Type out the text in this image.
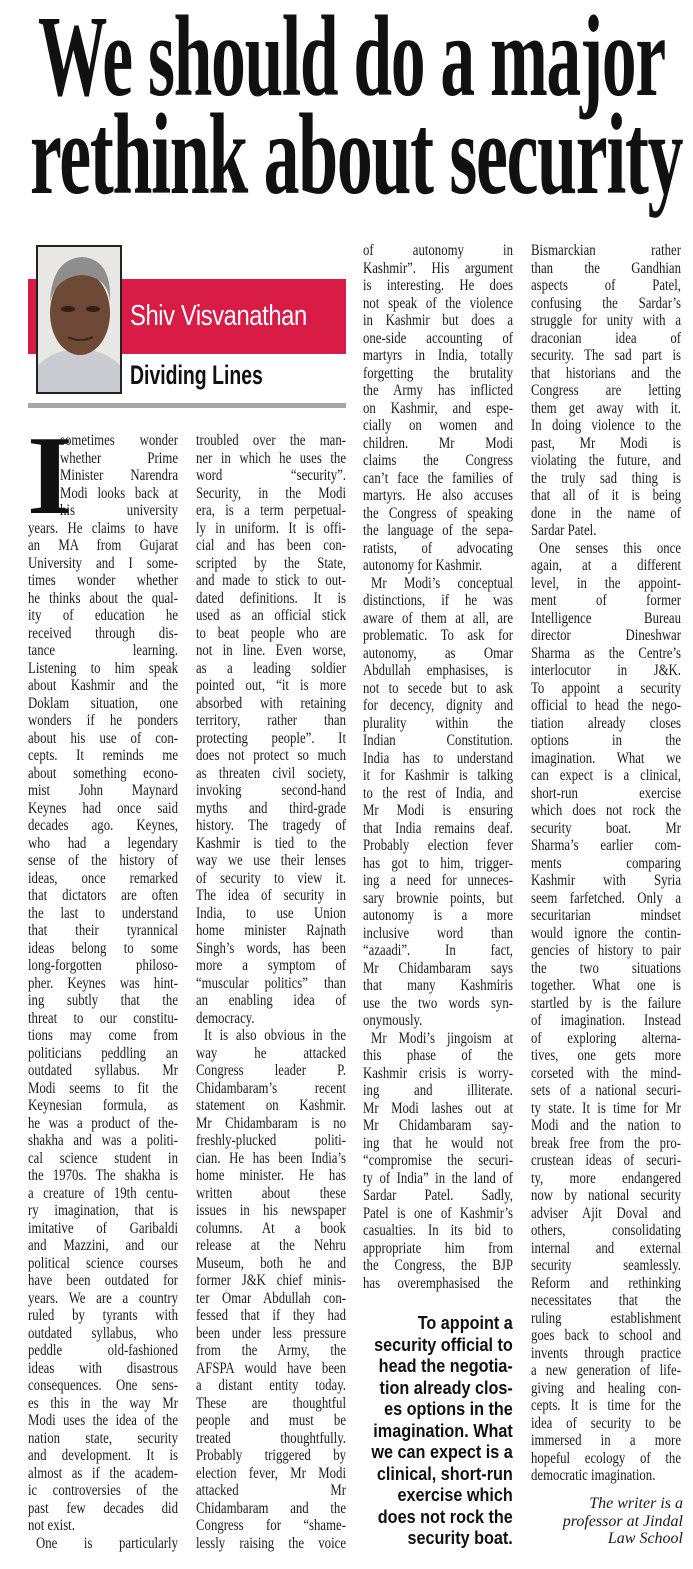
We should do a major
rethink about security
Shiv Visvanathan
Dividing Lines
I
sometimes wonder
whether Prime
Minister Narendra
Modi looks back at
his university
years. He claims to have
an MA from Gujarat
University and I some-
times wonder whether
he thinks about the qual-
ity of education he
received through dis-
tance learning.
Listening to him speak
about Kashmir and the
Doklam situation, one
wonders if he ponders
about his use of con-
cepts. It reminds me
about something econo-
mist John Maynard
Keynes had once said
decades ago. Keynes,
who had a legendary
sense of the history of
ideas, once remarked
that dictators are often
the last to understand
that their tyrannical
ideas belong to some
long-forgotten philoso-
pher. Keynes was hint-
ing subtly that the
threat to our constitu-
tions may come from
politicians peddling an
outdated syllabus. Mr
Modi seems to fit the
Keynesian formula, as
he was a product of the-
shakha and was a politi-
cal science student in
the 1970s. The shakha is
a creature of 19th centu-
ry imagination, that is
imitative of Garibaldi
and Mazzini, and our
political science courses
have been outdated for
years. We are a country
ruled by tyrants with
outdated syllabus, who
peddle old-fashioned
ideas with disastrous
consequences. One sens-
es this in the way Mr
Modi uses the idea of the
nation state, security
and development. It is
almost as if the academ-
ic controversies of the
past few decades did
not exist.
One is particularly
troubled over the man-
ner in which he uses the
word “security”.
Security, in the Modi
era, is a term perpetual-
ly in uniform. It is offi-
cial and has been con-
scripted by the State,
and made to stick to out-
dated definitions. It is
used as an official stick
to beat people who are
not in line. Even worse,
as a leading soldier
pointed out, “it is more
absorbed with retaining
territory, rather than
protecting people”. It
does not protect so much
as threaten civil society,
invoking second-hand
myths and third-grade
history. The tragedy of
Kashmir is tied to the
way we use their lenses
of security to view it.
The idea of security in
India, to use Union
home minister Rajnath
Singh’s words, has been
more a symptom of
“muscular politics” than
an enabling idea of
democracy.
It is also obvious in the
way he attacked
Congress leader P.
Chidambaram’s recent
statement on Kashmir.
Mr Chidambaram is no
freshly-plucked politi-
cian. He has been India’s
home minister. He has
written about these
issues in his newspaper
columns. At a book
release at the Nehru
Museum, both he and
former J&K chief minis-
ter Omar Abdullah con-
fessed that if they had
been under less pressure
from the Army, the
AFSPA would have been
a distant entity today.
These are thoughtful
people and must be
treated thoughtfully.
Probably triggered by
election fever, Mr Modi
attacked Mr
Chidambaram and the
Congress for “shame-
lessly raising the voice
of autonomy in
Kashmir”. His argument
is interesting. He does
not speak of the violence
in Kashmir but does a
one-side accounting of
martyrs in India, totally
forgetting the brutality
the Army has inflicted
on Kashmir, and espe-
cially on women and
children. Mr Modi
claims the Congress
can’t face the families of
martyrs. He also accuses
the Congress of speaking
the language of the sepa-
ratists, of advocating
autonomy for Kashmir.
Mr Modi’s conceptual
distinctions, if he was
aware of them at all, are
problematic. To ask for
autonomy, as Omar
Abdullah emphasises, is
not to secede but to ask
for decency, dignity and
plurality within the
Indian Constitution.
India has to understand
it for Kashmir is talking
to the rest of India, and
Mr Modi is ensuring
that India remains deaf.
Probably election fever
has got to him, trigger-
ing a need for unneces-
sary brownie points, but
autonomy is a more
inclusive word than
“azaadi”. In fact,
Mr Chidambaram says
that many Kashmiris
use the two words syn-
onymously.
Mr Modi’s jingoism at
this phase of the
Kashmir crisis is worry-
ing and illiterate.
Mr Modi lashes out at
Mr Chidambaram say-
ing that he would not
“compromise the securi-
ty of India” in the land of
Sardar Patel. Sadly,
Patel is one of Kashmir’s
casualties. In its bid to
appropriate him from
the Congress, the BJP
has overemphasised the
Bismarckian rather
than the Gandhian
aspects of Patel,
confusing the Sardar’s
struggle for unity with a
draconian idea of
security. The sad part is
that historians and the
Congress are letting
them get away with it.
In doing violence to the
past, Mr Modi is
violating the future, and
the truly sad thing is
that all of it is being
done in the name of
Sardar Patel.
One senses this once
again, at a different
level, in the appoint-
ment of former
Intelligence Bureau
director Dineshwar
Sharma as the Centre’s
interlocutor in J&K.
To appoint a security
official to head the nego-
tiation already closes
options in the
imagination. What we
can expect is a clinical,
short-run exercise
which does not rock the
security boat. Mr
Sharma’s earlier com-
ments comparing
Kashmir with Syria
seem farfetched. Only a
securitarian mindset
would ignore the contin-
gencies of history to pair
the two situations
together. What one is
startled by is the failure
of imagination. Instead
of exploring alterna-
tives, one gets more
corseted with the mind-
sets of a national securi-
ty state. It is time for Mr
Modi and the nation to
break free from the pro-
crustean ideas of securi-
ty, more endangered
now by national security
adviser Ajit Doval and
others, consolidating
internal and external
security seamlessly.
Reform and rethinking
necessitates that the
ruling establishment
goes back to school and
invents through practice
a new generation of life-
giving and healing con-
cepts. It is time for the
idea of security to be
immersed in a more
hopeful ecology of the
democratic imagination.
To appoint a
security official to
head the negotia-
tion already clos-
es options in the
imagination. What
we can expect is a
clinical, short-run
exercise which
does not rock the
security boat.
The writer is a
professor at Jindal
Law School
